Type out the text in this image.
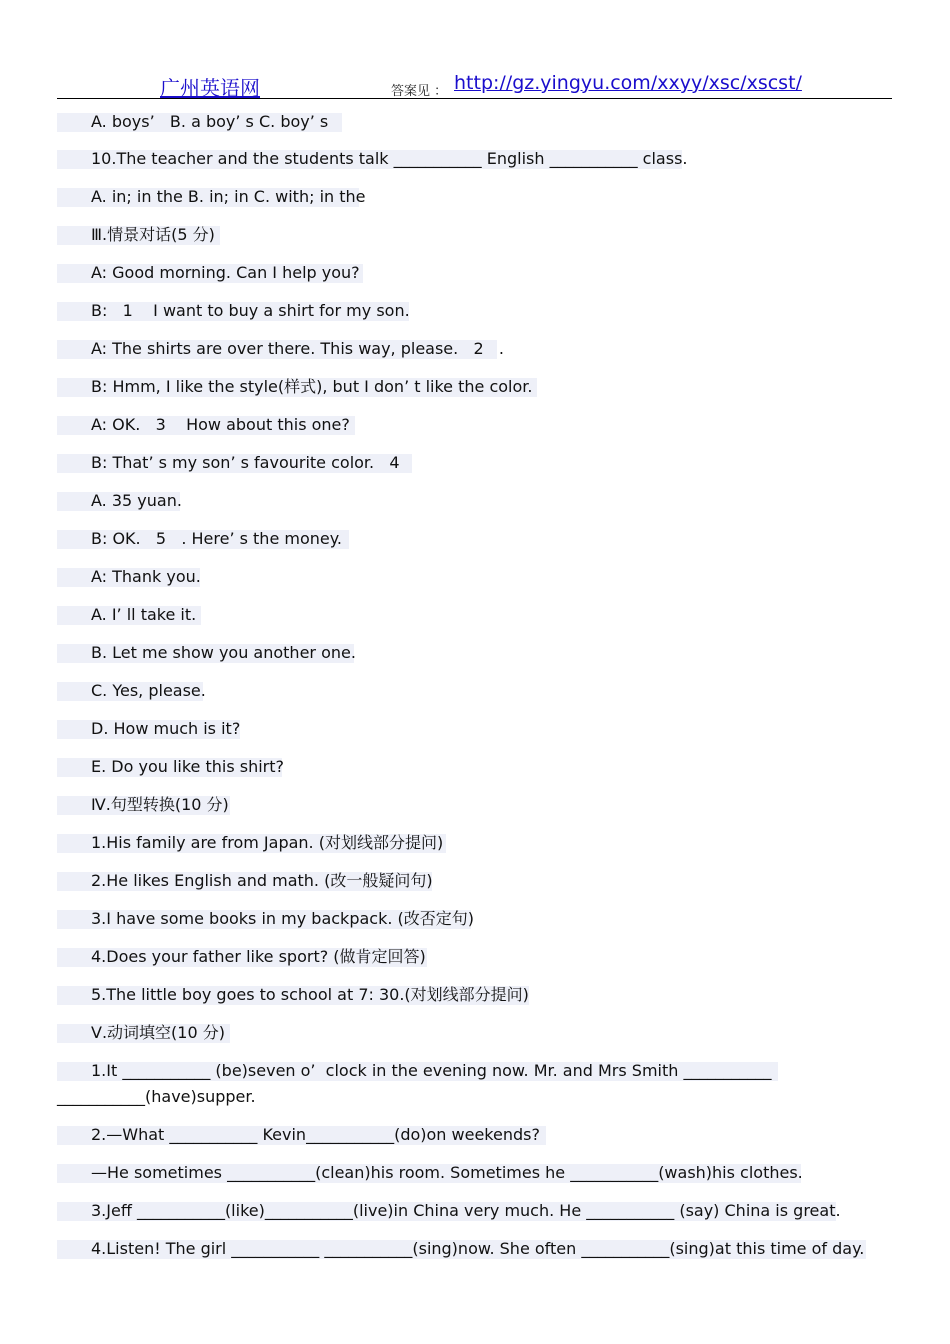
广州英语网	答案见 ： http://gz.yingyu.com/xxyy/xsc/xscst/
A. boys’   B. a boy’ s C. boy’ s
10.The teacher and the students talk ___________ English ___________ class.
A. in; in the B. in; in C. with; in the
Ⅲ.情景对话(5 分)
A: Good morning. Can I help you?
B:   1    I want to buy a shirt for my son.
A: The shirts are over there. This way, please.   2   .
B: Hmm, I like the style(样式), but I don’ t like the color.
A: OK.   3    How about this one?
B: That’ s my son’ s favourite color.   4
A. 35 yuan.
B: OK.   5   . Here’ s the money.
A: Thank you.
A. I’ ll take it.
B. Let me show you another one.
C. Yes, please.
D. How much is it?
E. Do you like this shirt?
Ⅳ.句型转换(10 分)
1.His family are from Japan. (对划线部分提问)
2.He likes English and math. (改一般疑问句)
3.I have some books in my backpack. (改否定句)
4.Does your father like sport? (做肯定回答)
5.The little boy goes to school at 7: 30.(对划线部分提问)
Ⅴ.动词填空(10 分)
1.It ___________ (be)seven o’  clock in the evening now. Mr. and Mrs Smith ___________
___________(have)supper.
2.—What ___________ Kevin___________(do)on weekends?
—He sometimes ___________(clean)his room. Sometimes he ___________(wash)his clothes.
3.Jeff ___________(like)___________(live)in China very much. He ___________ (say) China is great.
4.Listen! The girl ___________ ___________(sing)now. She often ___________(sing)at this time of day.
